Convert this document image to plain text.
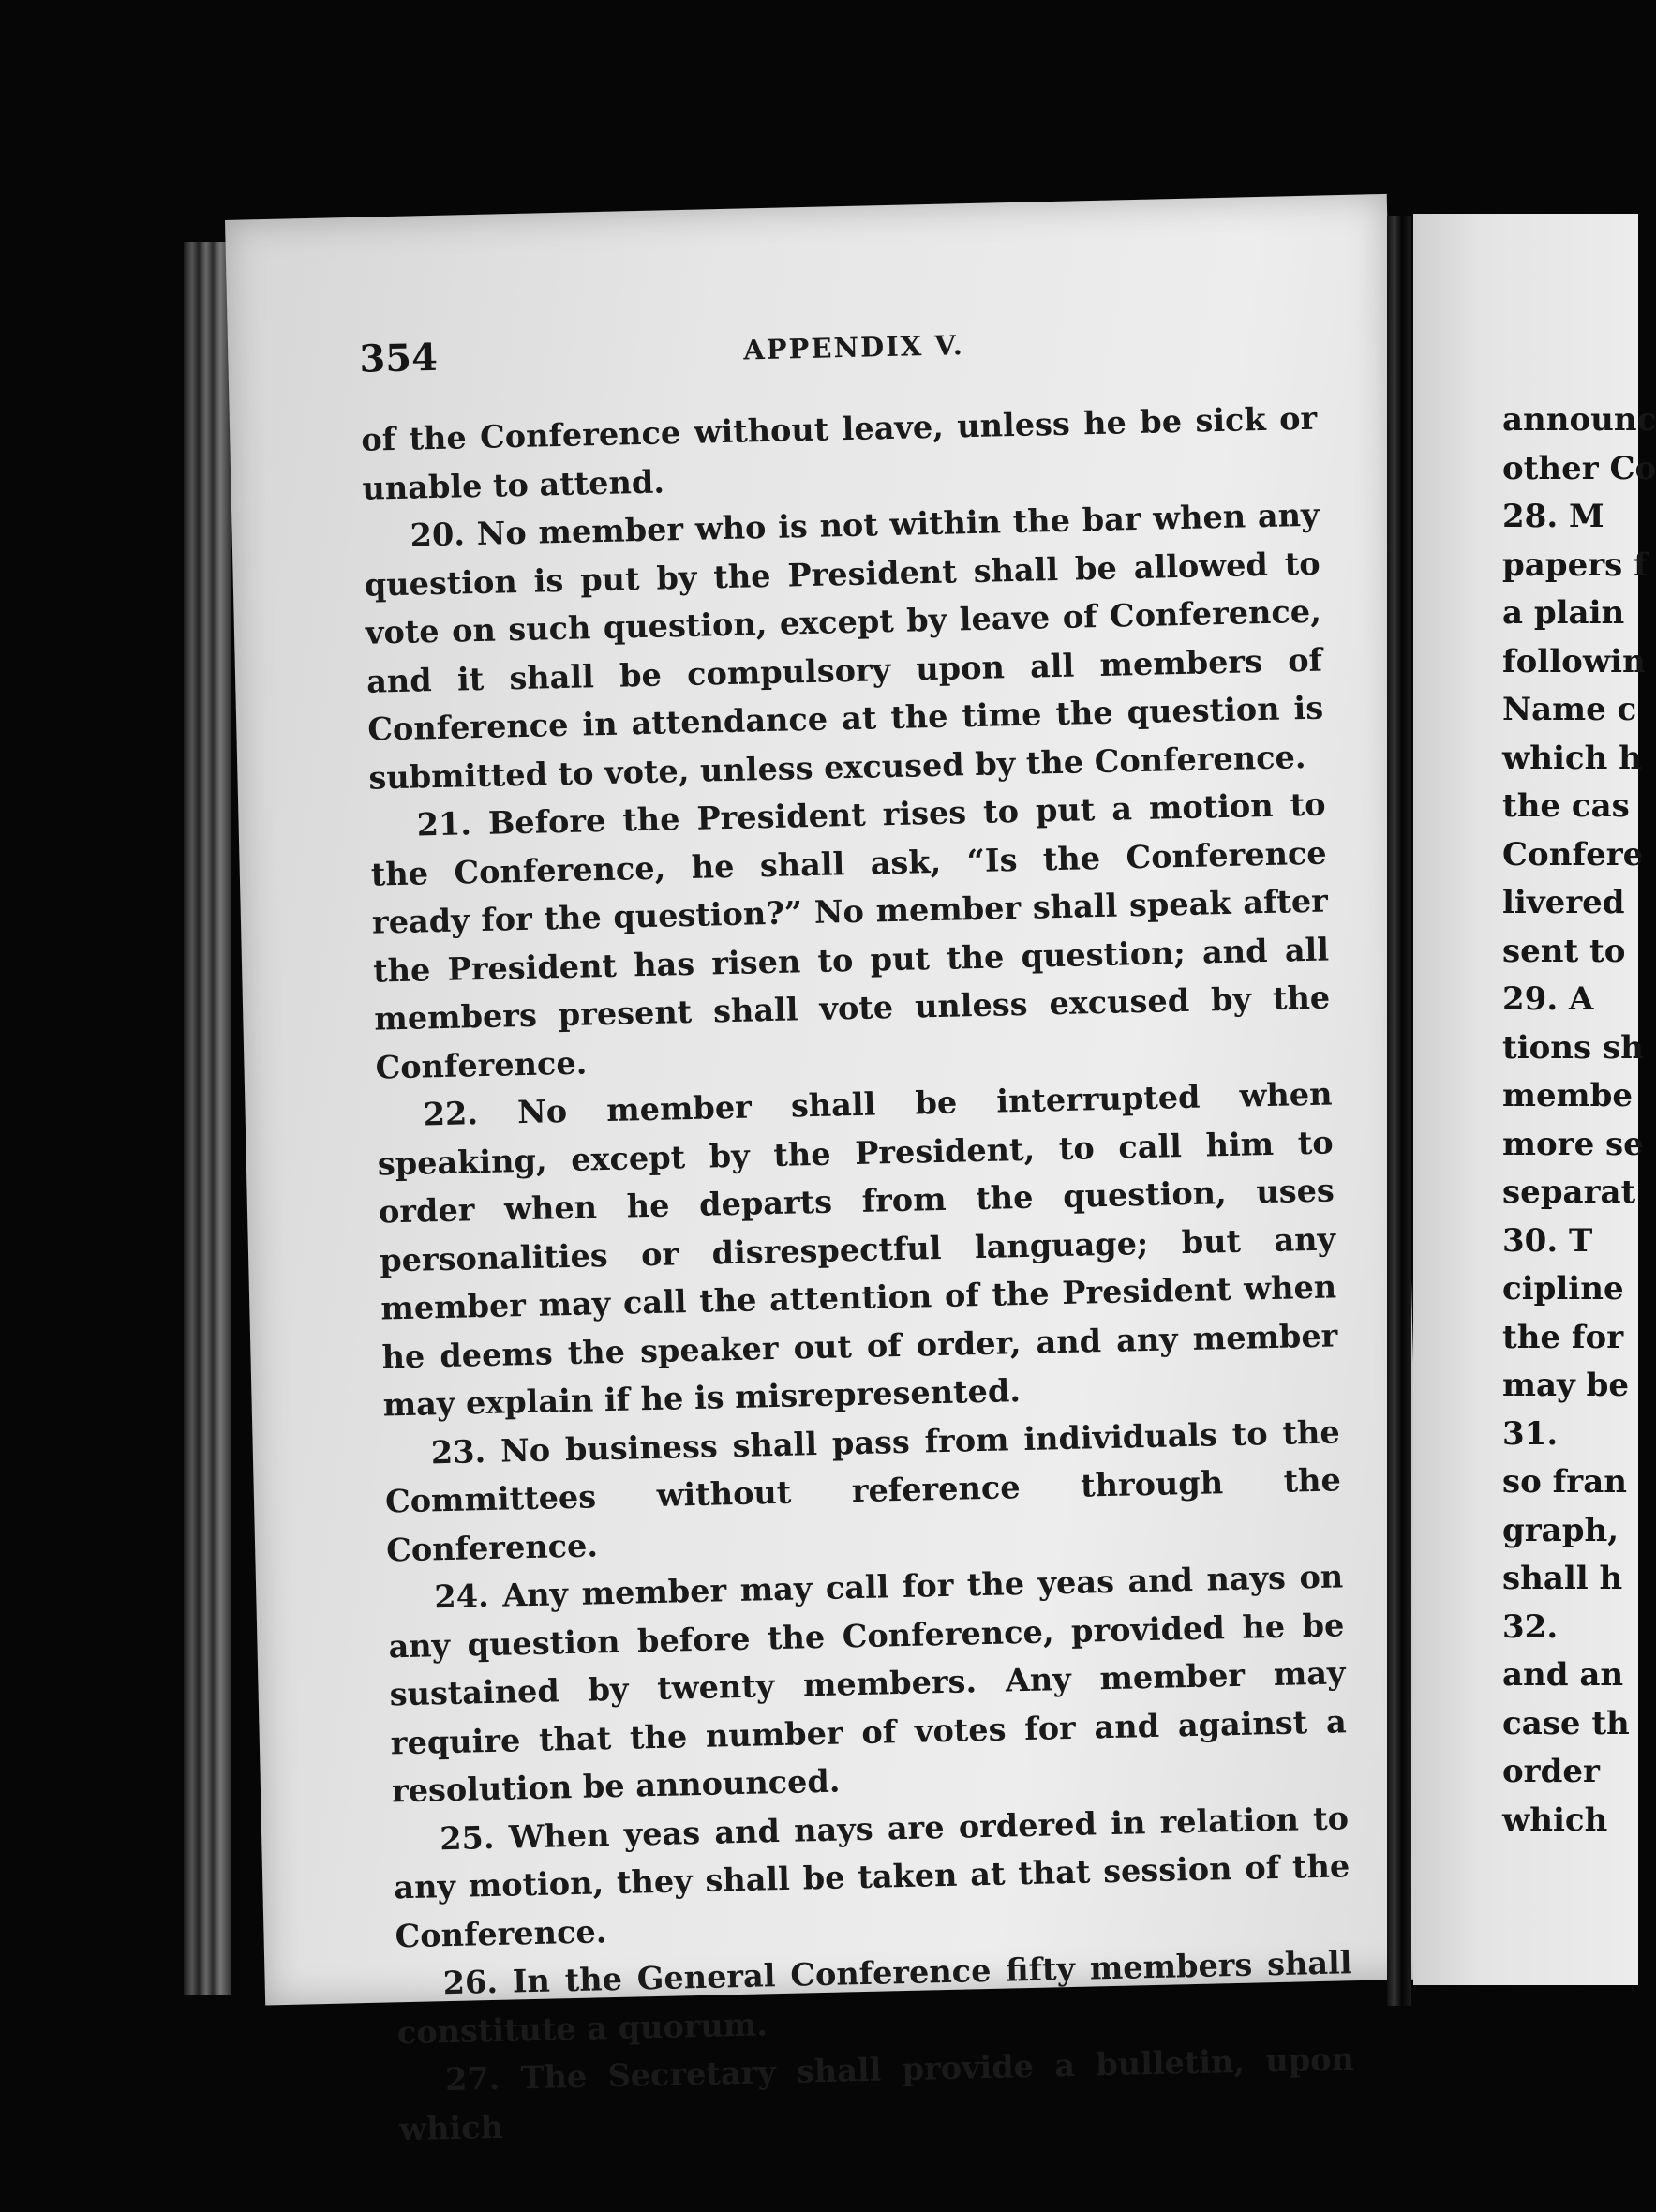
354	APPENDIX V.

of the Conference without leave, unless he be sick or unable to attend.

20. No member who is not within the bar when any question is put by the President shall be allowed to vote on such question, except by leave of Conference, and it shall be compulsory upon all members of Conference in attendance at the time the question is submitted to vote, unless excused by the Conference.

21. Before the President rises to put a motion to the Conference, he shall ask, “Is the Conference ready for the question?” No member shall speak after the President has risen to put the question; and all members present shall vote unless excused by the Conference.

22. No member shall be interrupted when speaking, except by the President, to call him to order when he departs from the question, uses personalities or disrespectful language; but any member may call the attention of the President when he deems the speaker out of order, and any member may explain if he is misrepresented.

23. No business shall pass from individuals to the Committees without reference through the Conference.

24. Any member may call for the yeas and nays on any question before the Conference, provided he be sustained by twenty members. Any member may require that the number of votes for and against a resolution be announced.

25. When yeas and nays are ordered in relation to any motion, they shall be taken at that session of the Conference.

26. In the General Conference fifty members shall constitute a quorum.

27. The Secretary shall provide a bulletin, upon which

announc
other Co
28. M
papers f
a plain
followin
Name c
which h
the cas
Confere
livered
sent to
29. A
tions sh
membe
more se
separat
30. T
cipline
the for
may be
31.
so fran
graph,
shall h
32.
and an
case th
order
which
